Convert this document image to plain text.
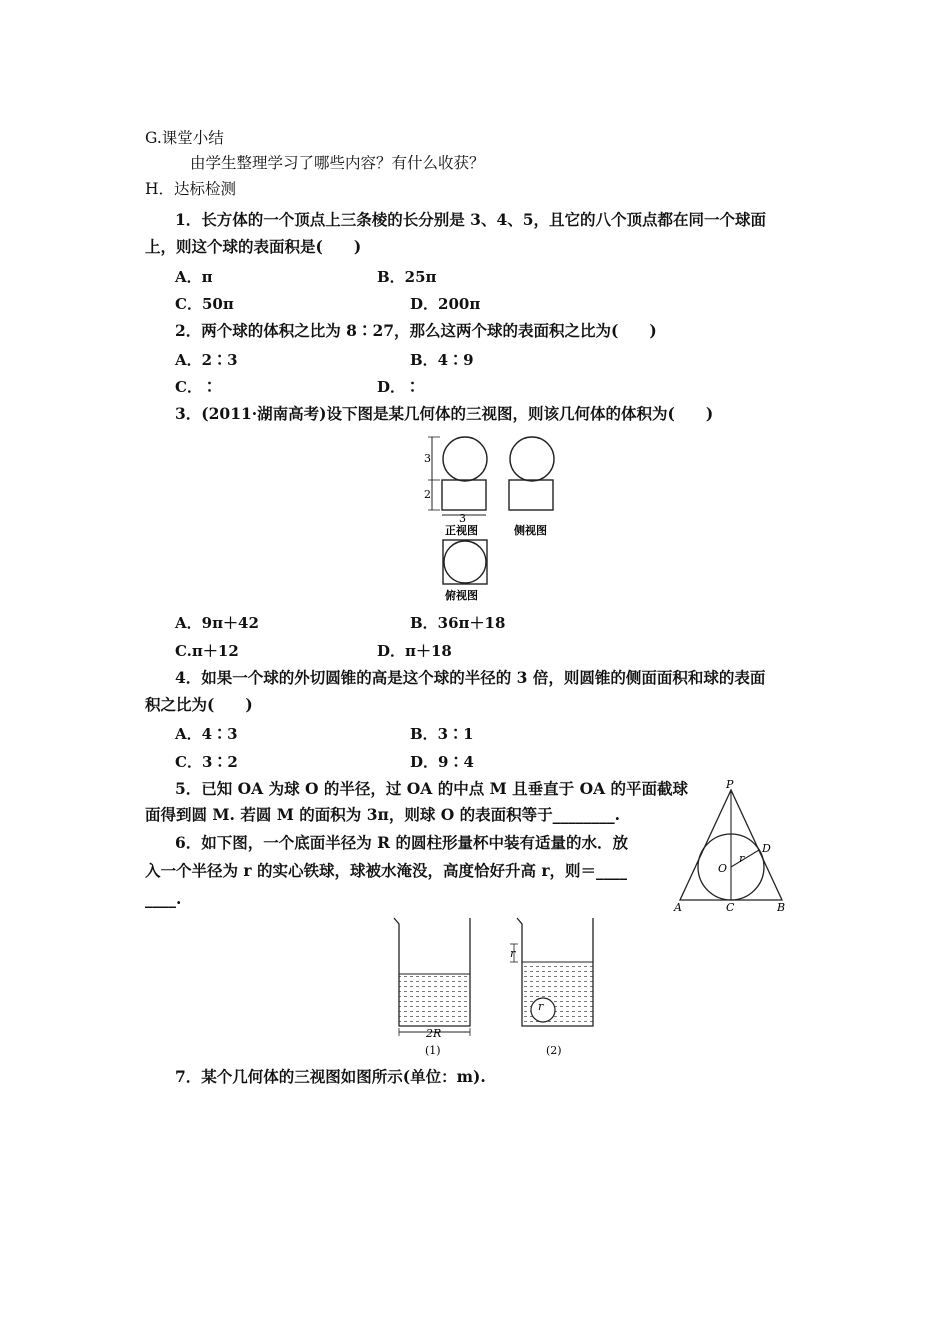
G.课堂小结
由学生整理学习了哪些内容？有什么收获？
H．达标检测
1．长方体的一个顶点上三条棱的长分别是 3、4、5，且它的八个顶点都在同一个球面
上，则这个球的表面积是(　　)
A．π	B．25π
C．50π	D．200π
2．两个球的体积之比为 8∶27，那么这两个球的表面积之比为(　　)
A．2∶3	B．4∶9
C．∶	D．∶
3．(2011·湖南高考)设下图是某几何体的三视图，则该几何体的体积为(　　)
3
2
3
正视图	侧视图
俯视图
A．9π＋42	B．36π＋18
C.π＋12	D．π＋18
4．如果一个球的外切圆锥的高是这个球的半径的 3 倍，则圆锥的侧面面积和球的表面
积之比为(　　)
A．4∶3	B．3∶1
C．3∶2	D．9∶4
5．已知 OA 为球 O 的半径，过 OA 的中点 M 且垂直于 OA 的平面截球
面得到圆 M. 若圆 M 的面积为 3π，则球 O 的表面积等于________.
6．如下图，一个底面半径为 R 的圆柱形量杯中装有适量的水．放
入一个半径为 r 的实心铁球，球被水淹没，高度恰好升高 r，则＝____
____.
P
D
O
r
A	C	B
2R
(1)
r
r
(2)
7．某个几何体的三视图如图所示(单位：m).
